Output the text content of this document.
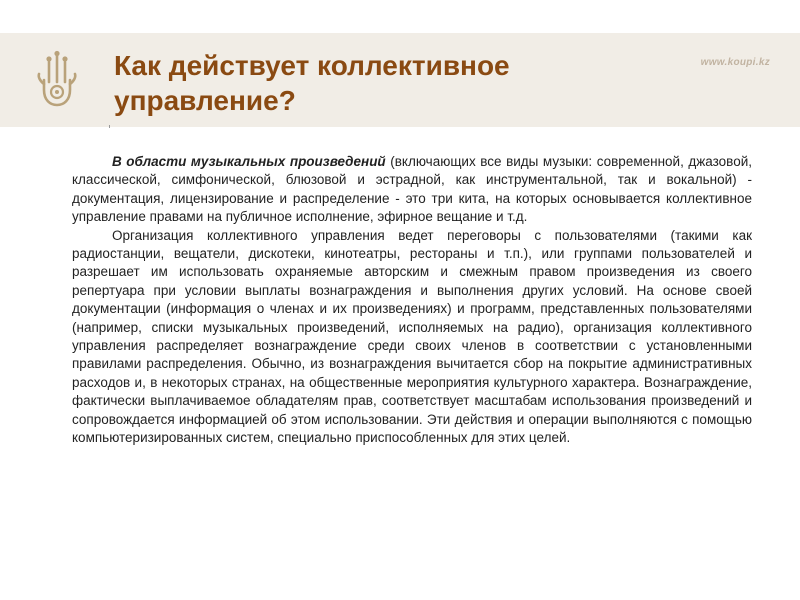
Как действует коллективное управление?
www.koupi.kz

В области музыкальных произведений (включающих все виды музыки: современной, джазовой, классической, симфонической, блюзовой и эстрадной, как инструментальной, так и вокальной) - документация, лицензирование и распределение - это три кита, на которых основывается коллективное управление правами на публичное исполнение, эфирное вещание и т.д.

Организация коллективного управления ведет переговоры с пользователями (такими как радиостанции, вещатели, дискотеки, кинотеатры, рестораны и т.п.), или группами пользователей и разрешает им использовать охраняемые авторским и смежным правом произведения из своего репертуара при условии выплаты вознаграждения и выполнения других условий. На основе своей документации (информация о членах и их произведениях) и программ, представленных пользователями (например, списки музыкальных произведений, исполняемых на радио), организация коллективного управления распределяет вознаграждение среди своих членов в соответствии с установленными правилами распределения. Обычно, из вознаграждения вычитается сбор на покрытие административных расходов и, в некоторых странах, на общественные мероприятия культурного характера. Вознаграждение, фактически выплачиваемое обладателям прав, соответствует масштабам использования произведений и сопровождается информацией об этом использовании. Эти действия и операции выполняются с помощью компьютеризированных систем, специально приспособленных для этих целей.
